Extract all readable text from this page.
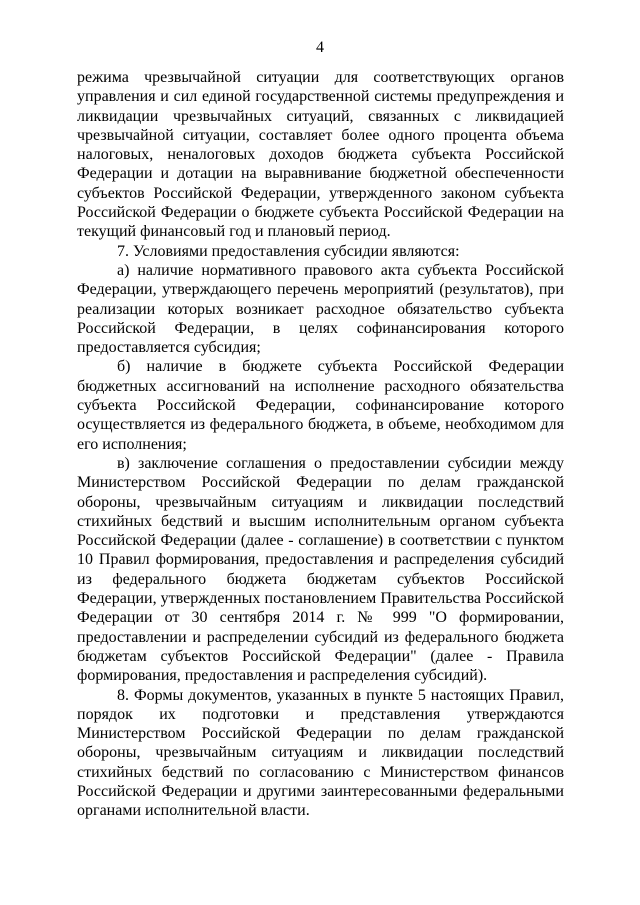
4

режима чрезвычайной ситуации для соответствующих органов управления и сил единой государственной системы предупреждения и ликвидации чрезвычайных ситуаций, связанных с ликвидацией чрезвычайной ситуации, составляет более одного процента объема налоговых, неналоговых доходов бюджета субъекта Российской Федерации и дотации на выравнивание бюджетной обеспеченности субъектов Российской Федерации, утвержденного законом субъекта Российской Федерации о бюджете субъекта Российской Федерации на текущий финансовый год и плановый период.

7. Условиями предоставления субсидии являются:

а) наличие нормативного правового акта субъекта Российской Федерации, утверждающего перечень мероприятий (результатов), при реализации которых возникает расходное обязательство субъекта Российской Федерации, в целях софинансирования которого предоставляется субсидия;

б) наличие в бюджете субъекта Российской Федерации бюджетных ассигнований на исполнение расходного обязательства субъекта Российской Федерации, софинансирование которого осуществляется из федерального бюджета, в объеме, необходимом для его исполнения;

в) заключение соглашения о предоставлении субсидии между Министерством Российской Федерации по делам гражданской обороны, чрезвычайным ситуациям и ликвидации последствий стихийных бедствий и высшим исполнительным органом субъекта Российской Федерации (далее - соглашение) в соответствии с пунктом 10 Правил формирования, предоставления и распределения субсидий из федерального бюджета бюджетам субъектов Российской Федерации, утвержденных постановлением Правительства Российской Федерации от 30 сентября 2014 г. № 999 "О формировании, предоставлении и распределении субсидий из федерального бюджета бюджетам субъектов Российской Федерации" (далее - Правила формирования, предоставления и распределения субсидий).

8. Формы документов, указанных в пункте 5 настоящих Правил, порядок их подготовки и представления утверждаются Министерством Российской Федерации по делам гражданской обороны, чрезвычайным ситуациям и ликвидации последствий стихийных бедствий по согласованию с Министерством финансов Российской Федерации и другими заинтересованными федеральными органами исполнительной власти.
